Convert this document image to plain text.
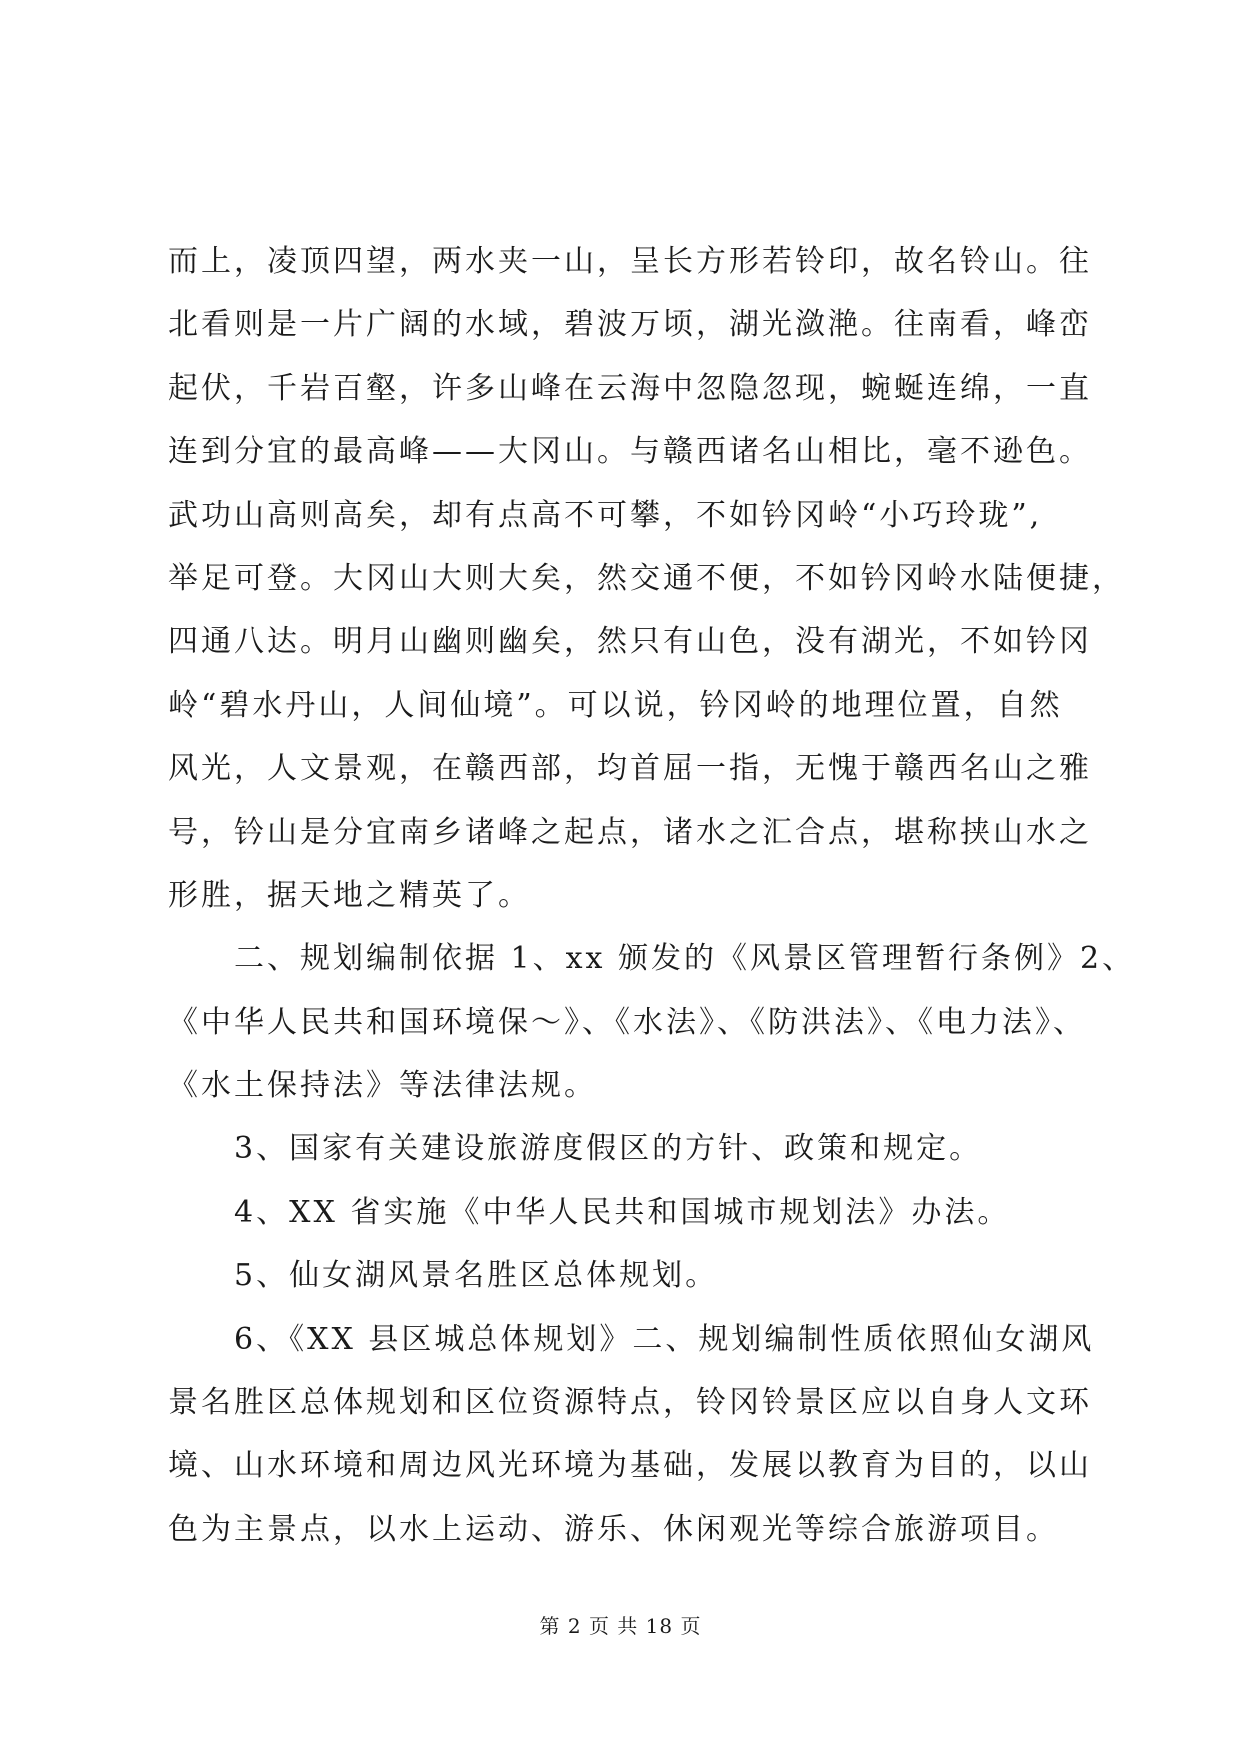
而上，凌顶四望，两水夹一山，呈长方形若铃印，故名铃山。往
北看则是一片广阔的水域，碧波万顷，湖光潋滟。往南看，峰峦
起伏，千岩百壑，许多山峰在云海中忽隐忽现，蜿蜒连绵，一直
连到分宜的最高峰——大冈山。与赣西诸名山相比，毫不逊色。
武功山高则高矣，却有点高不可攀，不如钤冈岭“小巧玲珑”,
举足可登。大冈山大则大矣，然交通不便，不如钤冈岭水陆便捷，
四通八达。明月山幽则幽矣，然只有山色，没有湖光，不如钤冈
岭“碧水丹山，人间仙境”。可以说，钤冈岭的地理位置，自然
风光，人文景观，在赣西部，均首屈一指，无愧于赣西名山之雅
号，钤山是分宜南乡诸峰之起点，诸水之汇合点，堪称挟山水之
形胜，据天地之精英了。
　　二、规划编制依据 1、xx 颁发的《风景区管理暂行条例》2、
《中华人民共和国环境保～》、《水法》、《防洪法》、《电力法》、
《水土保持法》等法律法规。
　　3、国家有关建设旅游度假区的方针、政策和规定。
　　4、XX 省实施《中华人民共和国城市规划法》办法。
　　5、仙女湖风景名胜区总体规划。
　　6、《XX 县区城总体规划》二、规划编制性质依照仙女湖风
景名胜区总体规划和区位资源特点，铃冈铃景区应以自身人文环
境、山水环境和周边风光环境为基础，发展以教育为目的，以山
色为主景点，以水上运动、游乐、休闲观光等综合旅游项目。
第 2 页 共 18 页
